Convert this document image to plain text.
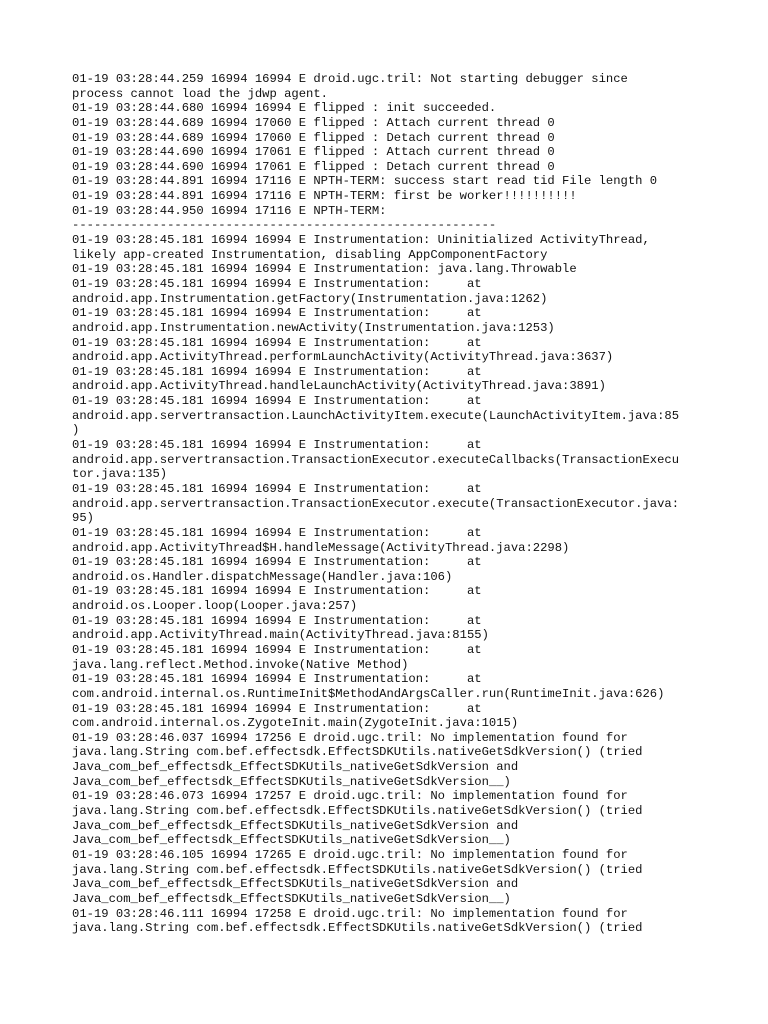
01-19 03:28:44.259 16994 16994 E droid.ugc.tril: Not starting debugger since
process cannot load the jdwp agent.
01-19 03:28:44.680 16994 16994 E flipped : init succeeded.
01-19 03:28:44.689 16994 17060 E flipped : Attach current thread 0
01-19 03:28:44.689 16994 17060 E flipped : Detach current thread 0
01-19 03:28:44.690 16994 17061 E flipped : Attach current thread 0
01-19 03:28:44.690 16994 17061 E flipped : Detach current thread 0
01-19 03:28:44.891 16994 17116 E NPTH-TERM: success start read tid File length 0
01-19 03:28:44.891 16994 17116 E NPTH-TERM: first be worker!!!!!!!!!!
01-19 03:28:44.950 16994 17116 E NPTH-TERM:
----------------------------------------------------------
01-19 03:28:45.181 16994 16994 E Instrumentation: Uninitialized ActivityThread,
likely app-created Instrumentation, disabling AppComponentFactory
01-19 03:28:45.181 16994 16994 E Instrumentation: java.lang.Throwable
01-19 03:28:45.181 16994 16994 E Instrumentation:     at
android.app.Instrumentation.getFactory(Instrumentation.java:1262)
01-19 03:28:45.181 16994 16994 E Instrumentation:     at
android.app.Instrumentation.newActivity(Instrumentation.java:1253)
01-19 03:28:45.181 16994 16994 E Instrumentation:     at
android.app.ActivityThread.performLaunchActivity(ActivityThread.java:3637)
01-19 03:28:45.181 16994 16994 E Instrumentation:     at
android.app.ActivityThread.handleLaunchActivity(ActivityThread.java:3891)
01-19 03:28:45.181 16994 16994 E Instrumentation:     at
android.app.servertransaction.LaunchActivityItem.execute(LaunchActivityItem.java:85
)
01-19 03:28:45.181 16994 16994 E Instrumentation:     at
android.app.servertransaction.TransactionExecutor.executeCallbacks(TransactionExecu
tor.java:135)
01-19 03:28:45.181 16994 16994 E Instrumentation:     at
android.app.servertransaction.TransactionExecutor.execute(TransactionExecutor.java:
95)
01-19 03:28:45.181 16994 16994 E Instrumentation:     at
android.app.ActivityThread$H.handleMessage(ActivityThread.java:2298)
01-19 03:28:45.181 16994 16994 E Instrumentation:     at
android.os.Handler.dispatchMessage(Handler.java:106)
01-19 03:28:45.181 16994 16994 E Instrumentation:     at
android.os.Looper.loop(Looper.java:257)
01-19 03:28:45.181 16994 16994 E Instrumentation:     at
android.app.ActivityThread.main(ActivityThread.java:8155)
01-19 03:28:45.181 16994 16994 E Instrumentation:     at
java.lang.reflect.Method.invoke(Native Method)
01-19 03:28:45.181 16994 16994 E Instrumentation:     at
com.android.internal.os.RuntimeInit$MethodAndArgsCaller.run(RuntimeInit.java:626)
01-19 03:28:45.181 16994 16994 E Instrumentation:     at
com.android.internal.os.ZygoteInit.main(ZygoteInit.java:1015)
01-19 03:28:46.037 16994 17256 E droid.ugc.tril: No implementation found for
java.lang.String com.bef.effectsdk.EffectSDKUtils.nativeGetSdkVersion() (tried
Java_com_bef_effectsdk_EffectSDKUtils_nativeGetSdkVersion and
Java_com_bef_effectsdk_EffectSDKUtils_nativeGetSdkVersion__)
01-19 03:28:46.073 16994 17257 E droid.ugc.tril: No implementation found for
java.lang.String com.bef.effectsdk.EffectSDKUtils.nativeGetSdkVersion() (tried
Java_com_bef_effectsdk_EffectSDKUtils_nativeGetSdkVersion and
Java_com_bef_effectsdk_EffectSDKUtils_nativeGetSdkVersion__)
01-19 03:28:46.105 16994 17265 E droid.ugc.tril: No implementation found for
java.lang.String com.bef.effectsdk.EffectSDKUtils.nativeGetSdkVersion() (tried
Java_com_bef_effectsdk_EffectSDKUtils_nativeGetSdkVersion and
Java_com_bef_effectsdk_EffectSDKUtils_nativeGetSdkVersion__)
01-19 03:28:46.111 16994 17258 E droid.ugc.tril: No implementation found for
java.lang.String com.bef.effectsdk.EffectSDKUtils.nativeGetSdkVersion() (tried
